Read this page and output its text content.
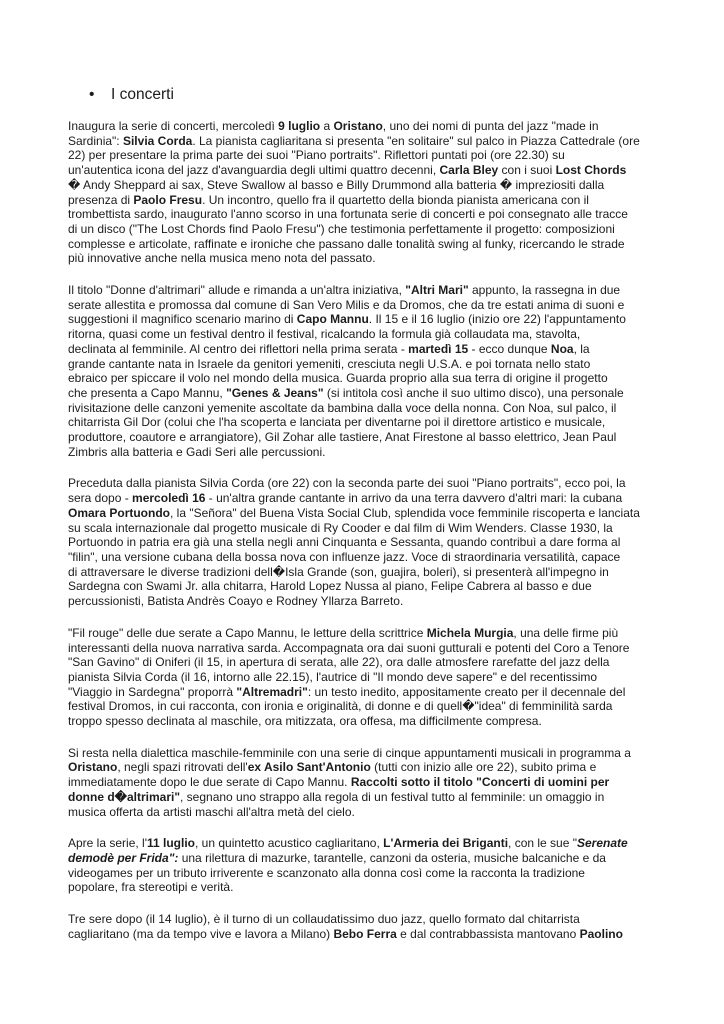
• I concerti

Inaugura la serie di concerti, mercoledì 9 luglio a Oristano, uno dei nomi di punta del jazz "made in
Sardinia": Silvia Corda. La pianista cagliaritana si presenta "en solitaire" sul palco in Piazza Cattedrale (ore
22) per presentare la prima parte dei suoi "Piano portraits". Riflettori puntati poi (ore 22.30) su
un'autentica icona del jazz d'avanguardia degli ultimi quattro decenni, Carla Bley con i suoi Lost Chords
� Andy Sheppard ai sax, Steve Swallow al basso e Billy Drummond alla batteria � impreziositi dalla
presenza di Paolo Fresu. Un incontro, quello fra il quartetto della bionda pianista americana con il
trombettista sardo, inaugurato l'anno scorso in una fortunata serie di concerti e poi consegnato alle tracce
di un disco ("The Lost Chords find Paolo Fresu") che testimonia perfettamente il progetto: composizioni
complesse e articolate, raffinate e ironiche che passano dalle tonalità swing al funky, ricercando le strade
più innovative anche nella musica meno nota del passato.

Il titolo "Donne d'altrimari" allude e rimanda a un'altra iniziativa, "Altri Mari" appunto, la rassegna in due
serate allestita e promossa dal comune di San Vero Milis e da Dromos, che da tre estati anima di suoni e
suggestioni il magnifico scenario marino di Capo Mannu. Il 15 e il 16 luglio (inizio ore 22) l'appuntamento
ritorna, quasi come un festival dentro il festival, ricalcando la formula già collaudata ma, stavolta,
declinata al femminile. Al centro dei riflettori nella prima serata - martedì 15 - ecco dunque Noa, la
grande cantante nata in Israele da genitori yemeniti, cresciuta negli U.S.A. e poi tornata nello stato
ebraico per spiccare il volo nel mondo della musica. Guarda proprio alla sua terra di origine il progetto
che presenta a Capo Mannu, "Genes & Jeans" (si intitola così anche il suo ultimo disco), una personale
rivisitazione delle canzoni yemenite ascoltate da bambina dalla voce della nonna. Con Noa, sul palco, il
chitarrista Gil Dor (colui che l'ha scoperta e lanciata per diventarne poi il direttore artistico e musicale,
produttore, coautore e arrangiatore), Gil Zohar alle tastiere, Anat Firestone al basso elettrico, Jean Paul
Zimbris alla batteria e Gadi Seri alle percussioni.

Preceduta dalla pianista Silvia Corda (ore 22) con la seconda parte dei suoi "Piano portraits", ecco poi, la
sera dopo - mercoledì 16 - un'altra grande cantante in arrivo da una terra davvero d'altri mari: la cubana
Omara Portuondo, la "Señora" del Buena Vista Social Club, splendida voce femminile riscoperta e lanciata
su scala internazionale dal progetto musicale di Ry Cooder e dal film di Wim Wenders. Classe 1930, la
Portuondo in patria era già una stella negli anni Cinquanta e Sessanta, quando contribuì a dare forma al
"filin", una versione cubana della bossa nova con influenze jazz. Voce di straordinaria versatilità, capace
di attraversare le diverse tradizioni dell�Isla Grande (son, guajira, boleri), si presenterà all'impegno in
Sardegna con Swami Jr. alla chitarra, Harold Lopez Nussa al piano, Felipe Cabrera al basso e due
percussionisti, Batista Andrès Coayo e Rodney Yllarza Barreto.

"Fil rouge" delle due serate a Capo Mannu, le letture della scrittrice Michela Murgia, una delle firme più
interessanti della nuova narrativa sarda. Accompagnata ora dai suoni gutturali e potenti del Coro a Tenore
"San Gavino" di Oniferi (il 15, in apertura di serata, alle 22), ora dalle atmosfere rarefatte del jazz della
pianista Silvia Corda (il 16, intorno alle 22.15), l'autrice di "Il mondo deve sapere" e del recentissimo
"Viaggio in Sardegna" proporrà "Altremadri": un testo inedito, appositamente creato per il decennale del
festival Dromos, in cui racconta, con ironia e originalità, di donne e di quell�"idea" di femminilità sarda
troppo spesso declinata al maschile, ora mitizzata, ora offesa, ma difficilmente compresa.

Si resta nella dialettica maschile-femminile con una serie di cinque appuntamenti musicali in programma a
Oristano, negli spazi ritrovati dell'ex Asilo Sant'Antonio (tutti con inizio alle ore 22), subito prima e
immediatamente dopo le due serate di Capo Mannu. Raccolti sotto il titolo "Concerti di uomini per
donne d�altrimari", segnano uno strappo alla regola di un festival tutto al femminile: un omaggio in
musica offerta da artisti maschi all'altra metà del cielo.

Apre la serie, l'11 luglio, un quintetto acustico cagliaritano, L'Armeria dei Briganti, con le sue "Serenate
demodè per Frida": una rilettura di mazurke, tarantelle, canzoni da osteria, musiche balcaniche e da
videogames per un tributo irriverente e scanzonato alla donna così come la racconta la tradizione
popolare, fra stereotipi e verità.

Tre sere dopo (il 14 luglio), è il turno di un collaudatissimo duo jazz, quello formato dal chitarrista
cagliaritano (ma da tempo vive e lavora a Milano) Bebo Ferra e dal contrabbassista mantovano Paolino
